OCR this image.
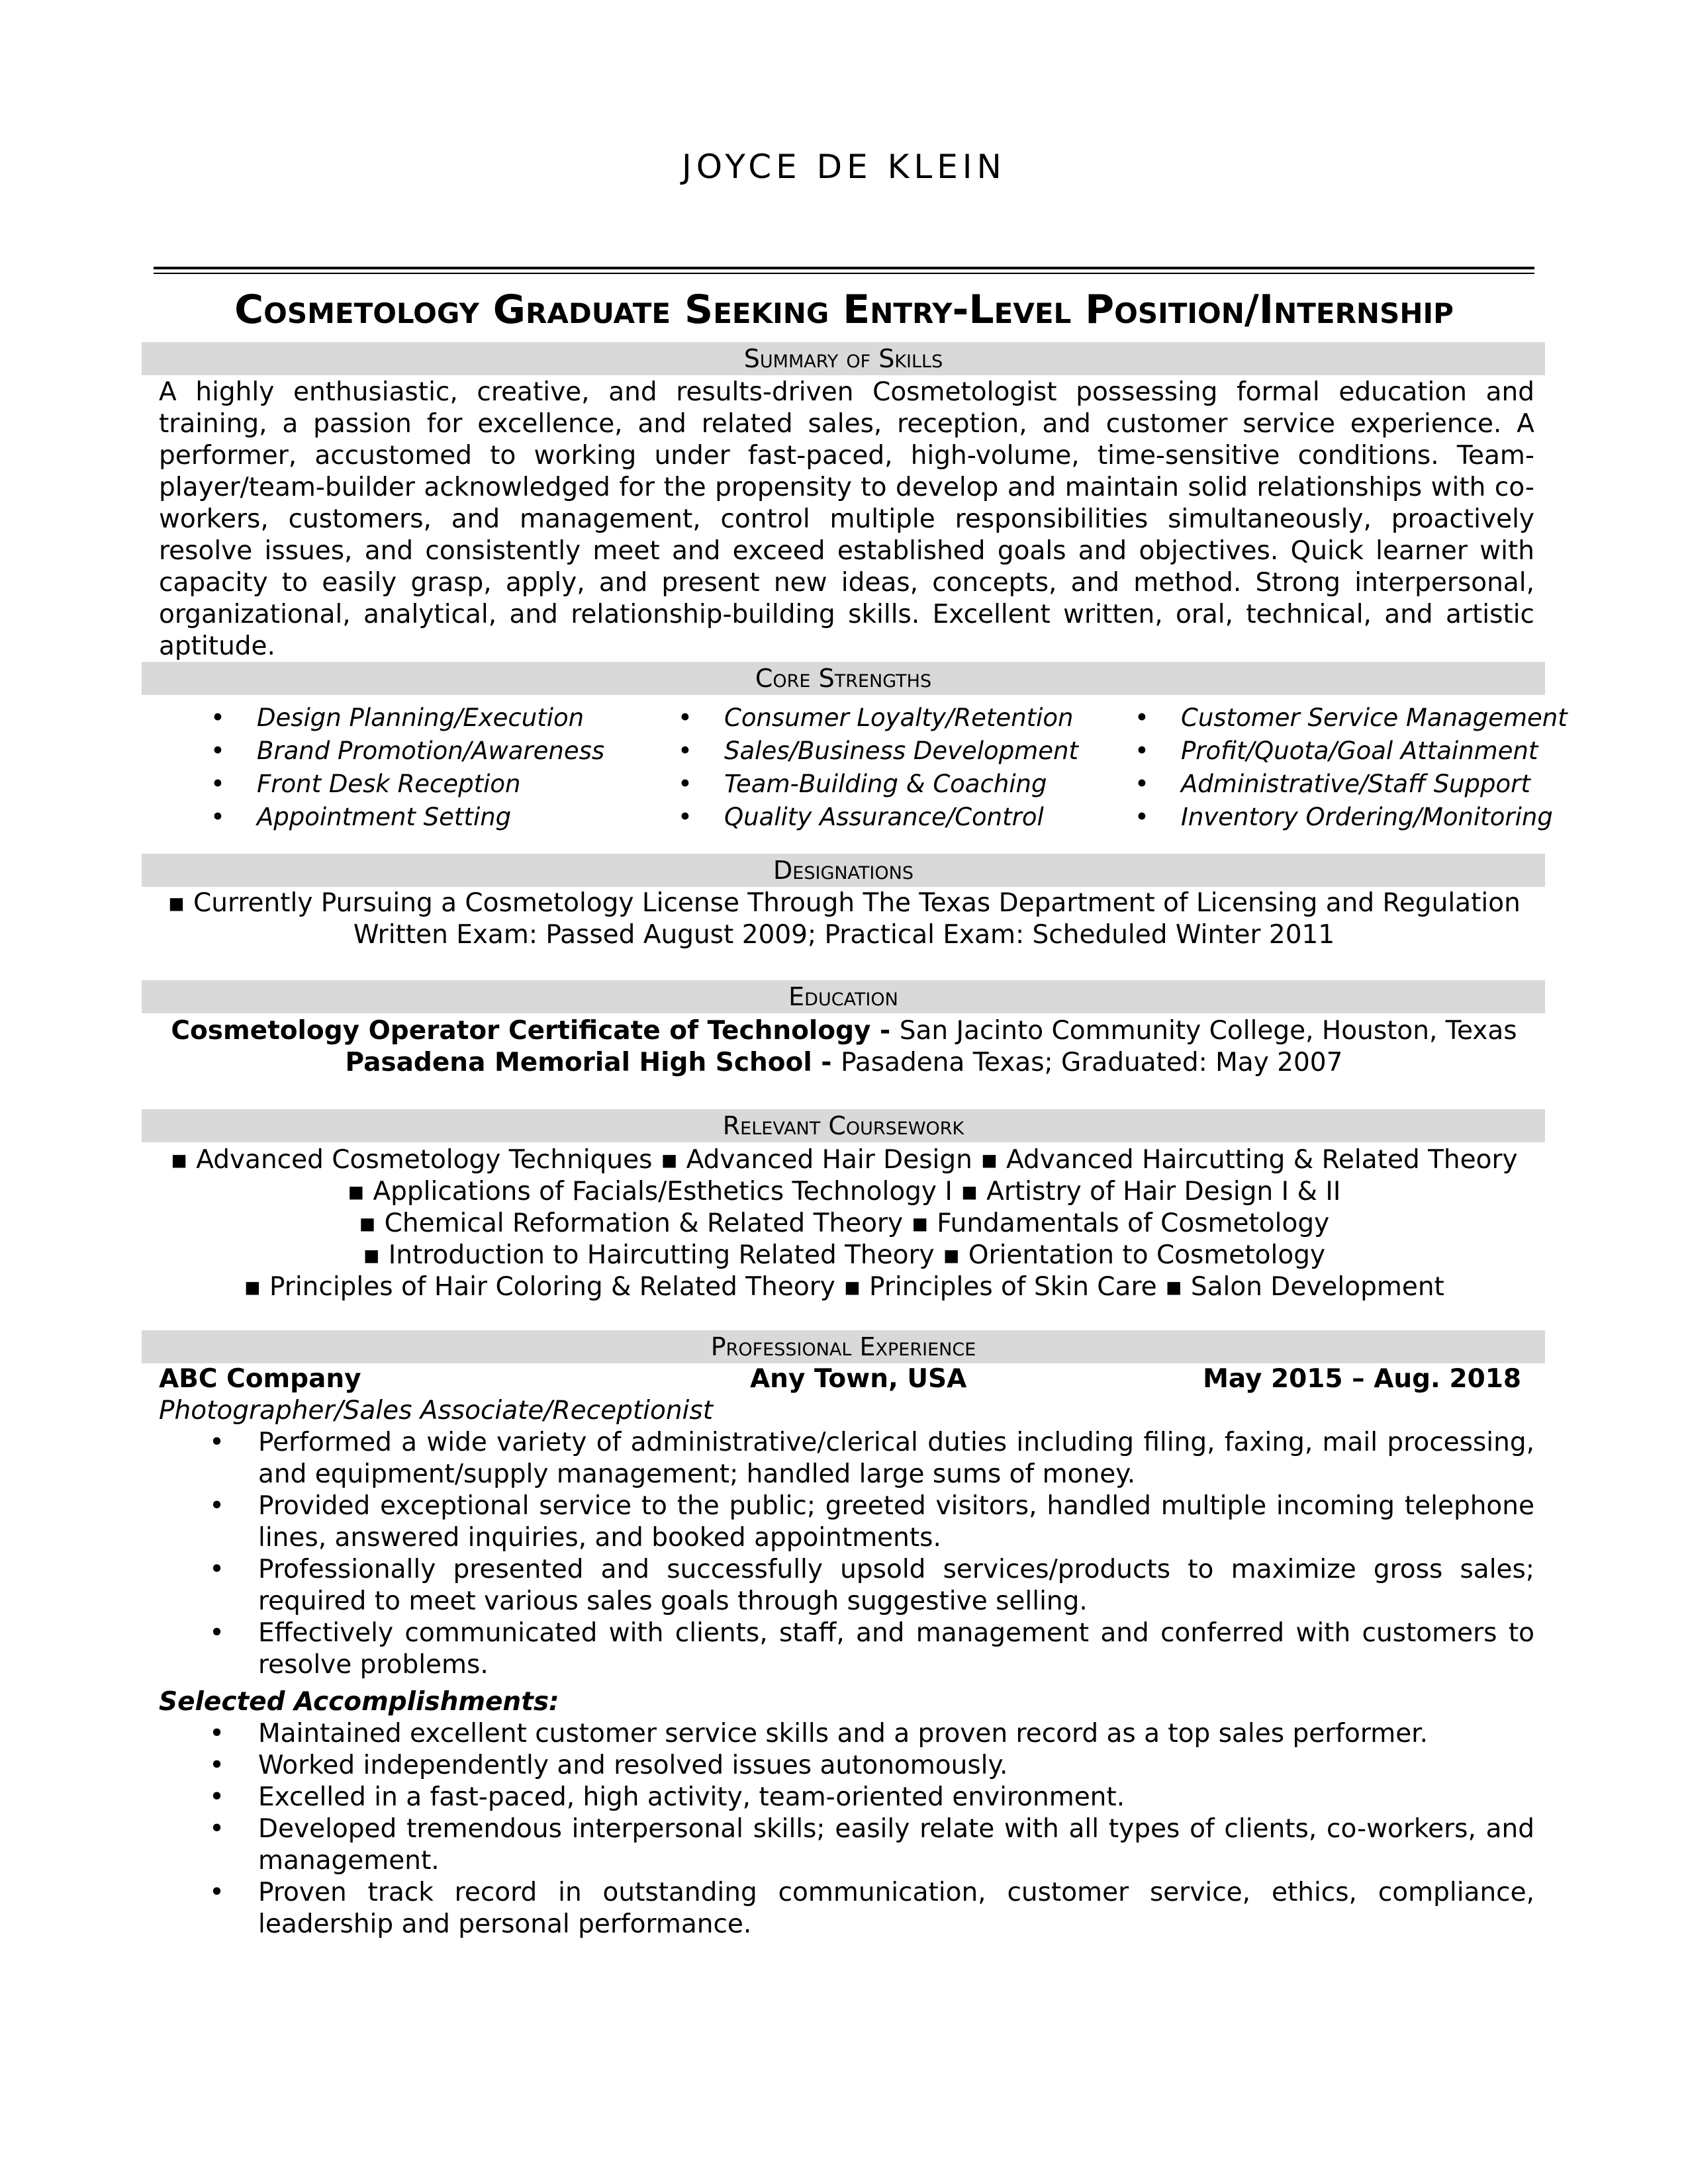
JOYCE DE KLEIN
Cosmetology Graduate Seeking Entry-Level Position/Internship
Summary of Skills
A highly enthusiastic, creative, and results-driven Cosmetologist possessing formal education and training, a passion for excellence, and related sales, reception, and customer service experience. A performer, accustomed to working under fast-paced, high-volume, time-sensitive conditions. Team-player/team-builder acknowledged for the propensity to develop and maintain solid relationships with co-workers, customers, and management, control multiple responsibilities simultaneously, proactively resolve issues, and consistently meet and exceed established goals and objectives. Quick learner with capacity to easily grasp, apply, and present new ideas, concepts, and method. Strong interpersonal, organizational, analytical, and relationship-building skills. Excellent written, oral, technical, and artistic aptitude.
Core Strengths
• Design Planning/Execution
• Brand Promotion/Awareness
• Front Desk Reception
• Appointment Setting
• Consumer Loyalty/Retention
• Sales/Business Development
• Team-Building & Coaching
• Quality Assurance/Control
• Customer Service Management
• Profit/Quota/Goal Attainment
• Administrative/Staff Support
• Inventory Ordering/Monitoring
Designations
▪ Currently Pursuing a Cosmetology License Through The Texas Department of Licensing and Regulation
Written Exam: Passed August 2009; Practical Exam: Scheduled Winter 2011
Education
Cosmetology Operator Certificate of Technology - San Jacinto Community College, Houston, Texas
Pasadena Memorial High School - Pasadena Texas; Graduated: May 2007
Relevant Coursework
▪ Advanced Cosmetology Techniques ▪ Advanced Hair Design ▪ Advanced Haircutting & Related Theory
▪ Applications of Facials/Esthetics Technology I ▪ Artistry of Hair Design I & II
▪ Chemical Reformation & Related Theory ▪ Fundamentals of Cosmetology
▪ Introduction to Haircutting Related Theory ▪ Orientation to Cosmetology
▪ Principles of Hair Coloring & Related Theory ▪ Principles of Skin Care ▪ Salon Development
Professional Experience
ABC Company	Any Town, USA	May 2015 – Aug. 2018
Photographer/Sales Associate/Receptionist
• Performed a wide variety of administrative/clerical duties including filing, faxing, mail processing, and equipment/supply management; handled large sums of money.
• Provided exceptional service to the public; greeted visitors, handled multiple incoming telephone lines, answered inquiries, and booked appointments.
• Professionally presented and successfully upsold services/products to maximize gross sales; required to meet various sales goals through suggestive selling.
• Effectively communicated with clients, staff, and management and conferred with customers to resolve problems.
Selected Accomplishments:
• Maintained excellent customer service skills and a proven record as a top sales performer.
• Worked independently and resolved issues autonomously.
• Excelled in a fast-paced, high activity, team-oriented environment.
• Developed tremendous interpersonal skills; easily relate with all types of clients, co-workers, and management.
• Proven track record in outstanding communication, customer service, ethics, compliance, leadership and personal performance.
